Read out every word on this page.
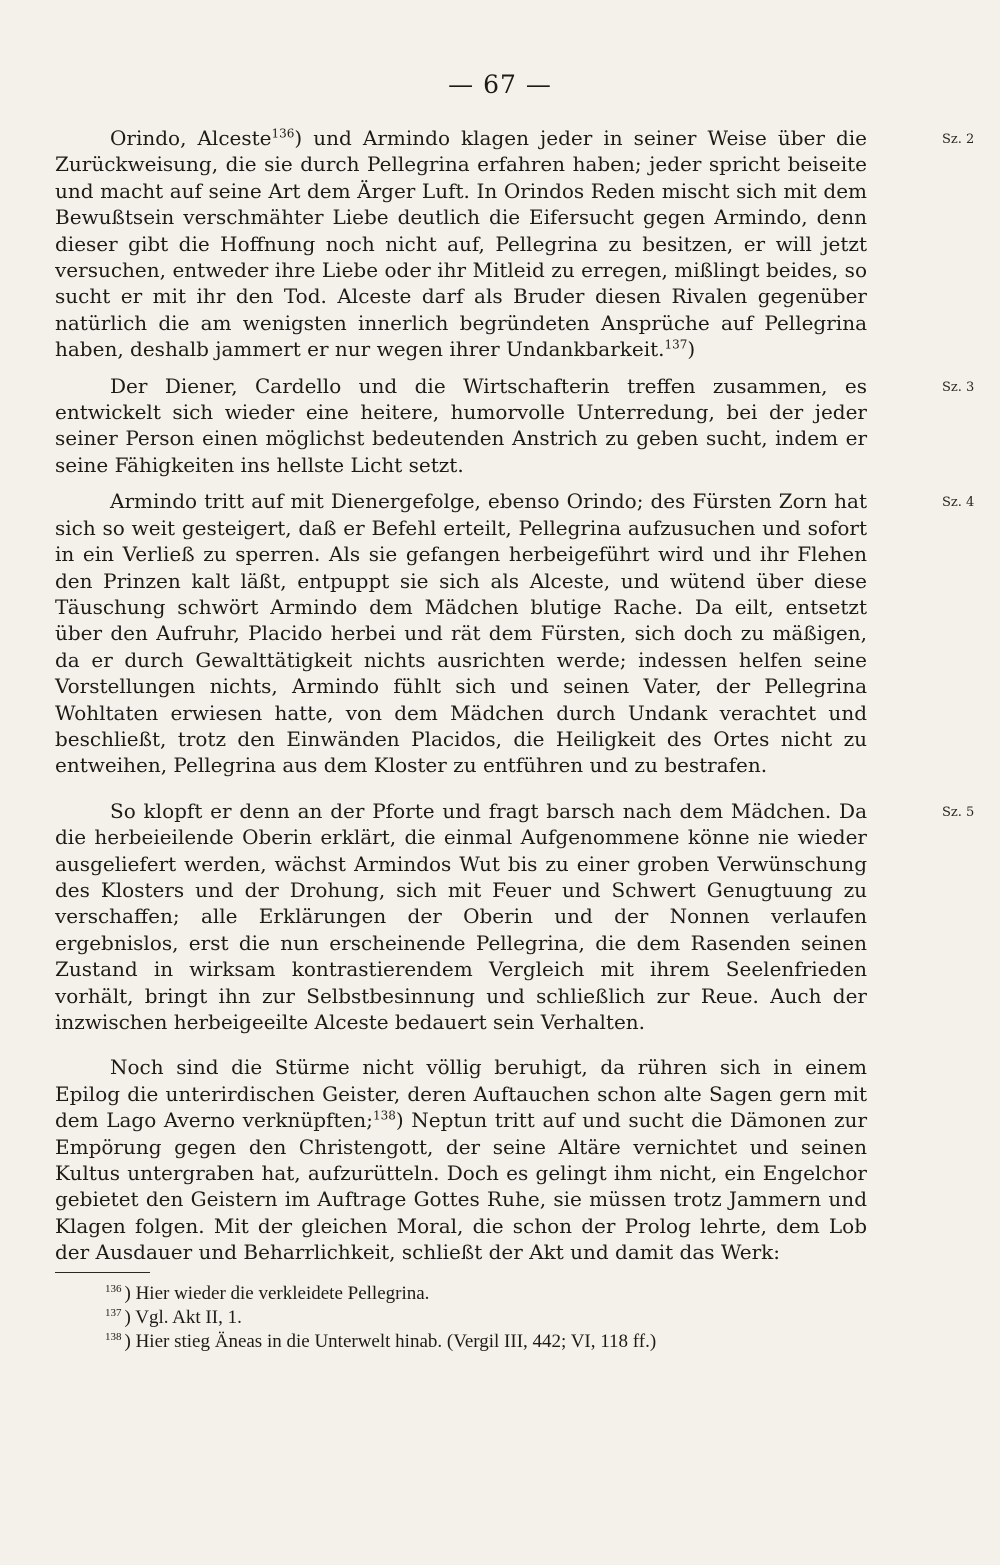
— 67 —

Orindo, Alceste$^{136}$) und Armindo klagen jeder in seiner Weise über die Zurückweisung, die sie durch Pellegrina erfahren haben; jeder spricht beiseite und macht auf seine Art dem Ärger Luft. In Orindos Reden mischt sich mit dem Bewußtsein verschmähter Liebe deutlich die Eifersucht gegen Armindo, denn dieser gibt die Hoffnung noch nicht auf, Pellegrina zu besitzen, er will jetzt versuchen, entweder ihre Liebe oder ihr Mitleid zu erregen, mißlingt beides, so sucht er mit ihr den Tod. Alceste darf als Bruder diesen Rivalen gegenüber natürlich die am wenigsten innerlich begründeten Ansprüche auf Pellegrina haben, deshalb jammert er nur wegen ihrer Undankbarkeit.$^{137}$)
Sz. 2

Der Diener, Cardello und die Wirtschafterin treffen zusammen, es entwickelt sich wieder eine heitere, humorvolle Unterredung, bei der jeder seiner Person einen möglichst bedeutenden Anstrich zu geben sucht, indem er seine Fähigkeiten ins hellste Licht setzt.
Sz. 3

Armindo tritt auf mit Dienergefolge, ebenso Orindo; des Fürsten Zorn hat sich so weit gesteigert, daß er Befehl erteilt, Pellegrina aufzusuchen und sofort in ein Verließ zu sperren. Als sie gefangen herbeigeführt wird und ihr Flehen den Prinzen kalt läßt, entpuppt sie sich als Alceste, und wütend über diese Täuschung schwört Armindo dem Mädchen blutige Rache. Da eilt, entsetzt über den Aufruhr, Placido herbei und rät dem Fürsten, sich doch zu mäßigen, da er durch Gewalttätigkeit nichts ausrichten werde; indessen helfen seine Vorstellungen nichts, Armindo fühlt sich und seinen Vater, der Pellegrina Wohltaten erwiesen hatte, von dem Mädchen durch Undank verachtet und beschließt, trotz den Einwänden Placidos, die Heiligkeit des Ortes nicht zu entweihen, Pellegrina aus dem Kloster zu entführen und zu bestrafen.
Sz. 4

So klopft er denn an der Pforte und fragt barsch nach dem Mädchen. Da die herbeieilende Oberin erklärt, die einmal Aufgenommene könne nie wieder ausgeliefert werden, wächst Armindos Wut bis zu einer groben Verwünschung des Klosters und der Drohung, sich mit Feuer und Schwert Genugtuung zu verschaffen; alle Erklärungen der Oberin und der Nonnen verlaufen ergebnislos, erst die nun erscheinende Pellegrina, die dem Rasenden seinen Zustand in wirksam kontrastierendem Vergleich mit ihrem Seelenfrieden vorhält, bringt ihn zur Selbstbesinnung und schließlich zur Reue. Auch der inzwischen herbeigeeilte Alceste bedauert sein Verhalten.
Sz. 5

Noch sind die Stürme nicht völlig beruhigt, da rühren sich in einem Epilog die unterirdischen Geister, deren Auftauchen schon alte Sagen gern mit dem Lago Averno verknüpften;$^{138}$) Neptun tritt auf und sucht die Dämonen zur Empörung gegen den Christengott, der seine Altäre vernichtet und seinen Kultus untergraben hat, aufzurütteln. Doch es gelingt ihm nicht, ein Engelchor gebietet den Geistern im Auftrage Gottes Ruhe, sie müssen trotz Jammern und Klagen folgen. Mit der gleichen Moral, die schon der Prolog lehrte, dem Lob der Ausdauer und Beharrlichkeit, schließt der Akt und damit das Werk:

$^{136}$ ) Hier wieder die verkleidete Pellegrina.
$^{137}$ ) Vgl. Akt II, 1.
$^{138}$ ) Hier stieg Äneas in die Unterwelt hinab. (Vergil III, 442; VI, 118 ff.)
